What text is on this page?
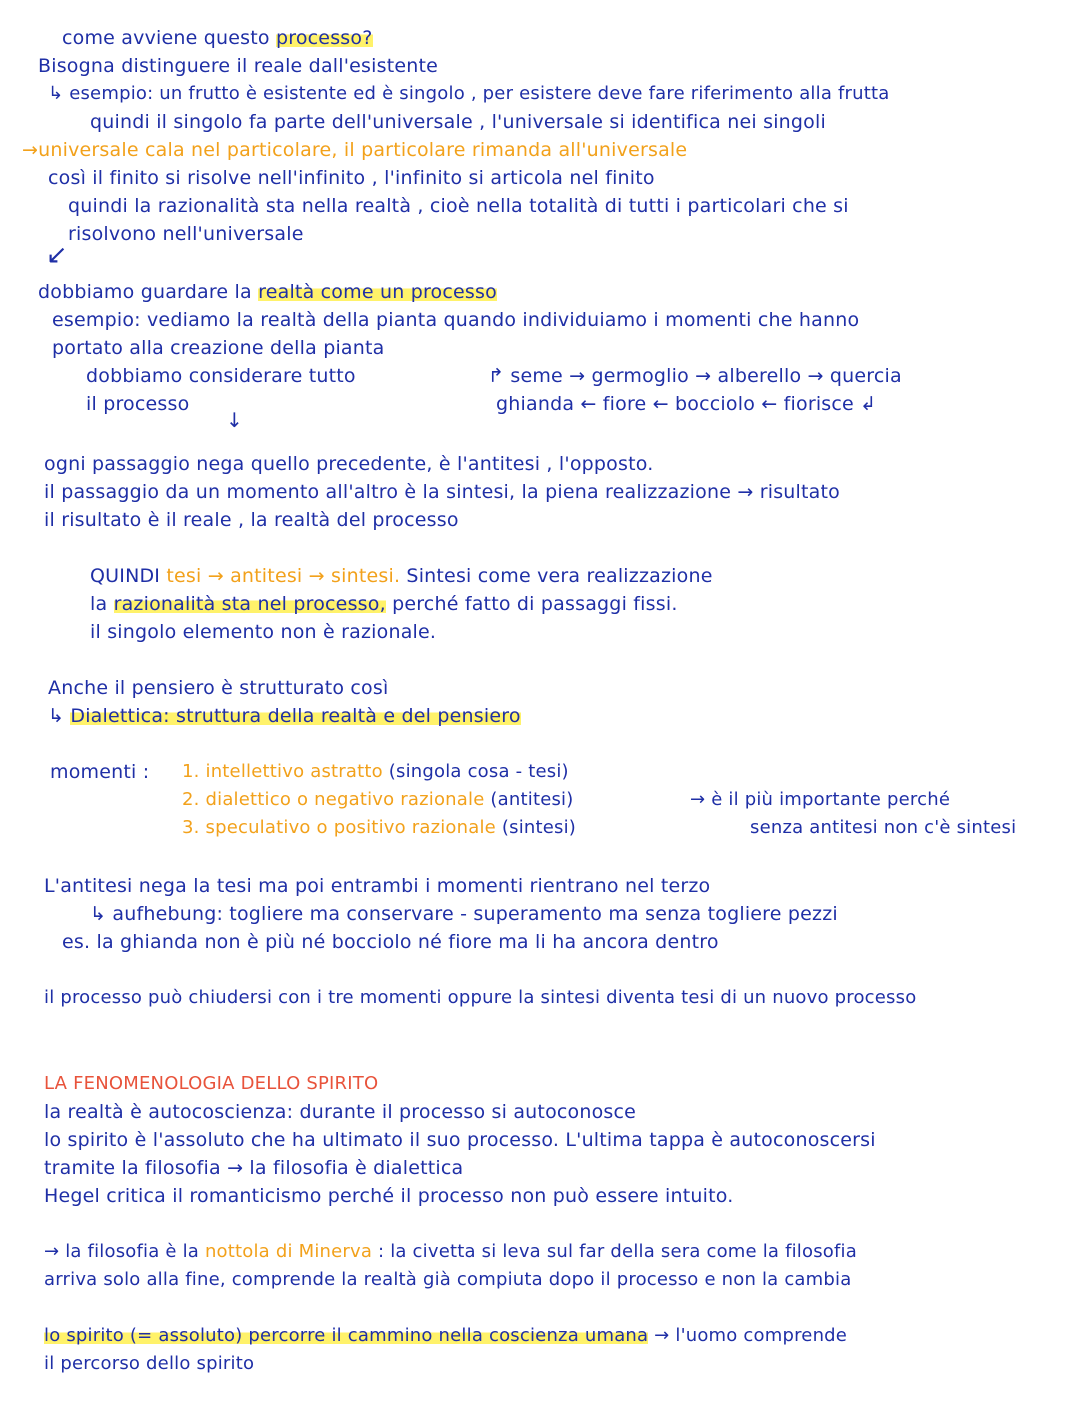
come avviene questo processo?
Bisogna distinguere il reale dall'esistente
↳ esempio: un frutto è esistente ed è singolo , per esistere deve fare riferimento alla frutta
quindi il singolo fa parte dell'universale , l'universale si identifica nei singoli
→universale cala nel particolare, il particolare rimanda all'universale
così il finito si risolve nell'infinito , l'infinito si articola nel finito
quindi la razionalità sta nella realtà , cioè nella totalità di tutti i particolari che si
risolvono nell'universale
↙
dobbiamo guardare la realtà come un processo
esempio: vediamo la realtà della pianta quando individuiamo i momenti che hanno
portato alla creazione della pianta
dobbiamo considerare tutto	↱ seme → germoglio → alberello → quercia
il processo	ghianda ← fiore ← bocciolo ← fiorisce ↲
↓
ogni passaggio nega quello precedente, è l'antitesi , l'opposto.
il passaggio da un momento all'altro è la sintesi, la piena realizzazione → risultato
il risultato è il reale , la realtà del processo
QUINDI tesi → antitesi → sintesi. Sintesi come vera realizzazione
la razionalità sta nel processo, perché fatto di passaggi fissi.
il singolo elemento non è razionale.
Anche il pensiero è strutturato così
↳ Dialettica: struttura della realtà e del pensiero
momenti : 1. intellettivo astratto (singola cosa - tesi)
2. dialettico o negativo razionale (antitesi)	→ è il più importante perché
3. speculativo o positivo razionale (sintesi)	senza antitesi non c'è sintesi
L'antitesi nega la tesi ma poi entrambi i momenti rientrano nel terzo
↳ aufhebung: togliere ma conservare - superamento ma senza togliere pezzi
es. la ghianda non è più né bocciolo né fiore ma li ha ancora dentro
il processo può chiudersi con i tre momenti oppure la sintesi diventa tesi di un nuovo processo
LA FENOMENOLOGIA DELLO SPIRITO
la realtà è autocoscienza: durante il processo si autoconosce
lo spirito è l'assoluto che ha ultimato il suo processo. L'ultima tappa è autoconoscersi
tramite la filosofia → la filosofia è dialettica
Hegel critica il romanticismo perché il processo non può essere intuito.
→ la filosofia è la nottola di Minerva : la civetta si leva sul far della sera come la filosofia
arriva solo alla fine, comprende la realtà già compiuta dopo il processo e non la cambia
lo spirito (= assoluto) percorre il cammino nella coscienza umana → l'uomo comprende
il percorso dello spirito
